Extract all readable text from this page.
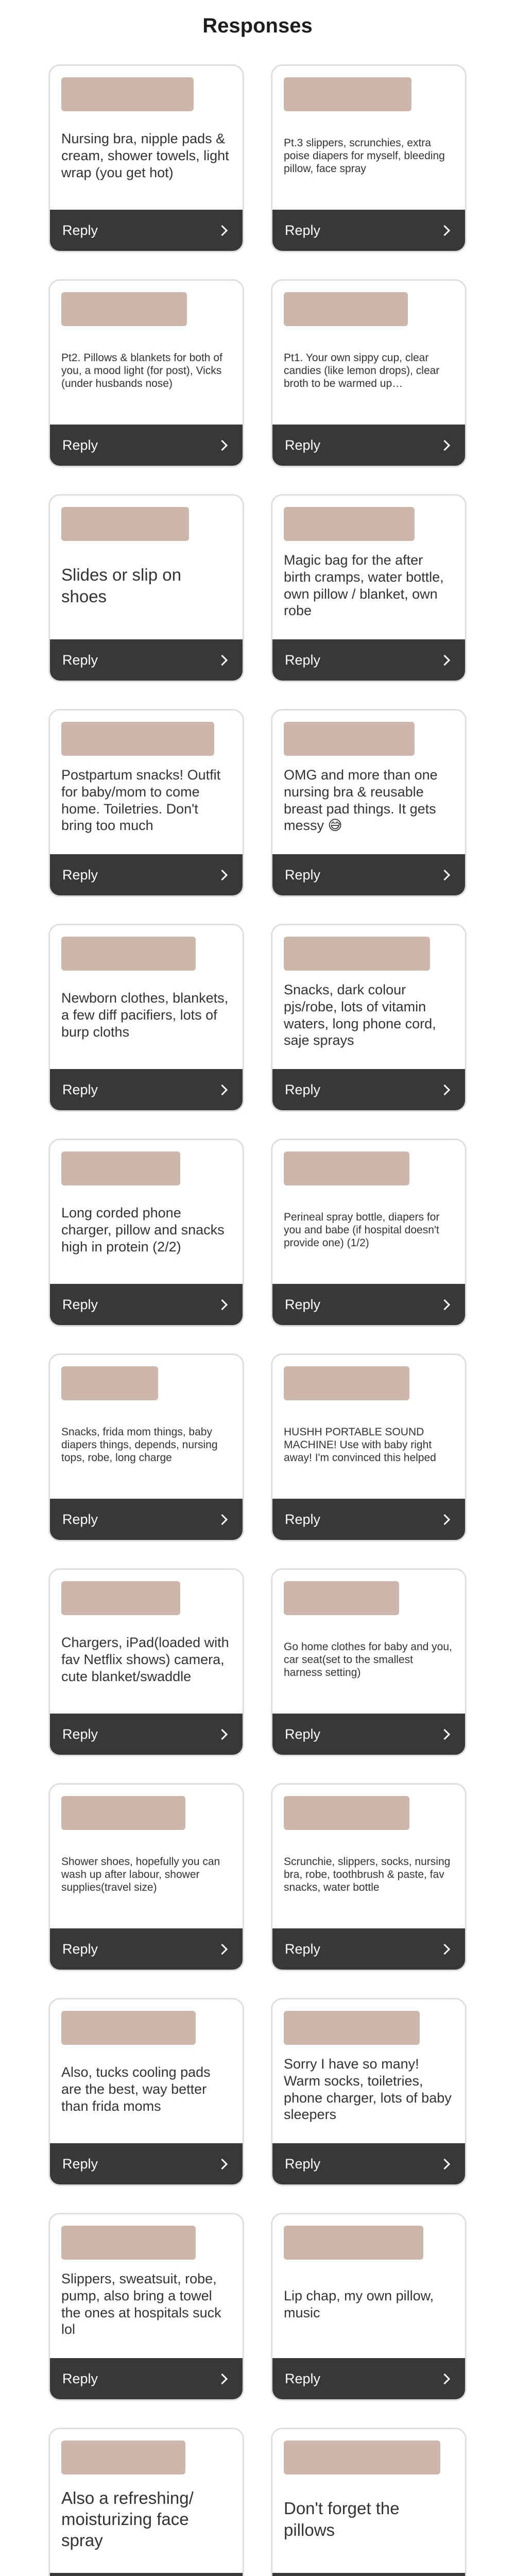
Responses

Nursing bra, nipple pads & cream, shower towels, light wrap (you get hot)

Reply

Pt.3 slippers, scrunchies, extra poise diapers for myself, bleeding pillow, face spray

Reply

Pt2. Pillows & blankets for both of you, a mood light (for post), Vicks (under husbands nose)

Reply

Pt1. Your own sippy cup, clear candies (like lemon drops), clear broth to be warmed up…

Reply

Slides or slip on shoes

Reply

Magic bag for the after birth cramps, water bottle, own pillow / blanket, own robe

Reply

Postpartum snacks! Outfit for baby/mom to come home. Toiletries. Don't bring too much

Reply

OMG and more than one nursing bra & reusable breast pad things. It gets messy 😅

Reply

Newborn clothes, blankets, a few diff pacifiers, lots of burp cloths

Reply

Snacks, dark colour pjs/robe, lots of vitamin waters, long phone cord, saje sprays

Reply

Long corded phone charger, pillow and snacks high in protein (2/2)

Reply

Perineal spray bottle, diapers for you and babe (if hospital doesn't provide one) (1/2)

Reply

Snacks, frida mom things, baby diapers things, depends, nursing tops, robe, long charge

Reply

HUSHH PORTABLE SOUND MACHINE! Use with baby right away! I'm convinced this helped

Reply

Chargers, iPad(loaded with fav Netflix shows) camera, cute blanket/swaddle

Reply

Go home clothes for baby and you, car seat(set to the smallest harness setting)

Reply

Shower shoes, hopefully you can wash up after labour, shower supplies(travel size)

Reply

Scrunchie, slippers, socks, nursing bra, robe, toothbrush & paste, fav snacks, water bottle

Reply

Also, tucks cooling pads are the best, way better than frida moms

Reply

Sorry I have so many! Warm socks, toiletries, phone charger, lots of baby sleepers

Reply

Slippers, sweatsuit, robe, pump, also bring a towel the ones at hospitals suck lol

Reply

Lip chap, my own pillow, music

Reply

Also a refreshing/ moisturizing face spray

Don't forget the pillows
